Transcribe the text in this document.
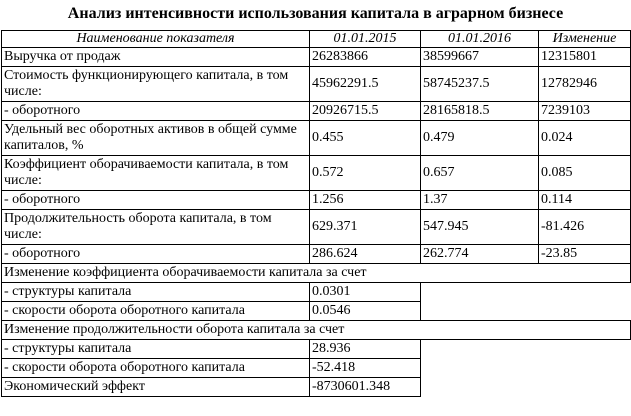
Анализ интенсивности использования капитала в аграрном бизнесе
Наименование показателя	01.01.2015	01.01.2016	Изменение
Выручка от продаж	26283866	38599667	12315801
Стоимость функционирующего капитала, в том числе:	45962291.5	58745237.5	12782946
- оборотного	20926715.5	28165818.5	7239103
Удельный вес оборотных активов в общей сумме капиталов, %	0.455	0.479	0.024
Коэффициент оборачиваемости капитала, в том числе:	0.572	0.657	0.085
- оборотного	1.256	1.37	0.114
Продолжительность оборота капитала, в том числе:	629.371	547.945	-81.426
- оборотного	286.624	262.774	-23.85
Изменение коэффициента оборачиваемости капитала за счет			
- структуры капитала	0.0301		
- скорости оборота оборотного капитала	0.0546		
Изменение продолжительности оборота капитала за счет			
- структуры капитала	28.936		
- скорости оборота оборотного капитала	-52.418		
Экономический эффект	-8730601.348		
